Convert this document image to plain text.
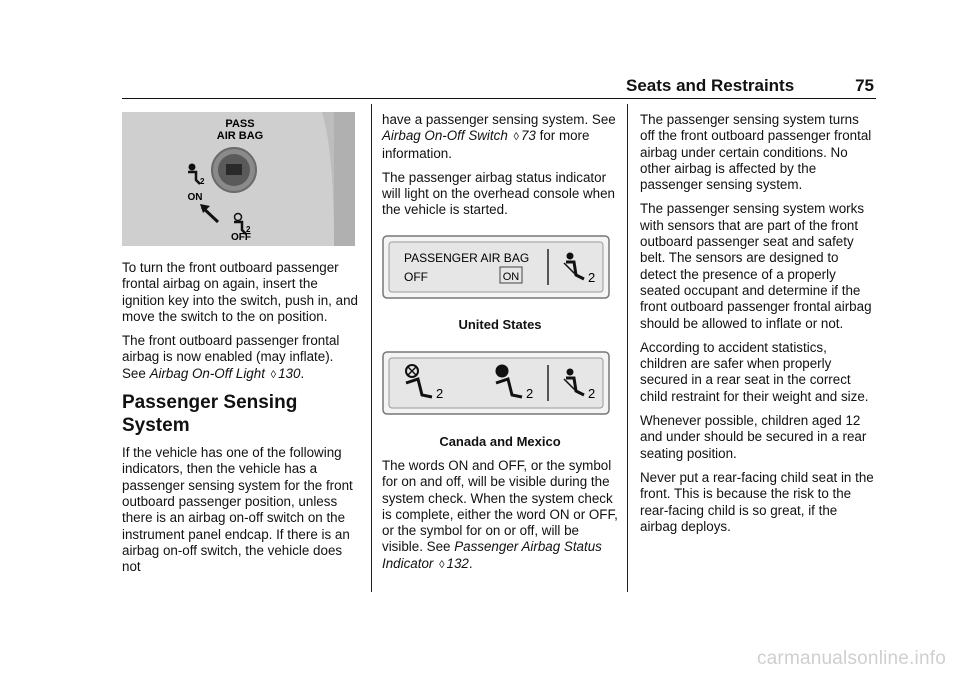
Seats and Restraints	75
PASS
AIR BAG
2
ON
2
OFF

To turn the front outboard passenger frontal airbag on again, insert the ignition key into the switch, push in, and move the switch to the on position.

The front outboard passenger frontal airbag is now enabled (may inflate). See Airbag On-Off Light ◊ 130.

Passenger Sensing
System

If the vehicle has one of the following indicators, then the vehicle has a passenger sensing system for the front outboard passenger position, unless there is an airbag on-off switch on the instrument panel endcap. If there is an airbag on-off switch, the vehicle does not

have a passenger sensing system. See Airbag On-Off Switch ◊ 73 for more information.

The passenger airbag status indicator will light on the overhead console when the vehicle is started.

PASSENGER AIR BAG
OFF	ON	2

United States

2	2	2

Canada and Mexico

The words ON and OFF, or the symbol for on and off, will be visible during the system check. When the system check is complete, either the word ON or OFF, or the symbol for on or off, will be visible. See Passenger Airbag Status Indicator ◊ 132.

The passenger sensing system turns off the front outboard passenger frontal airbag under certain conditions. No other airbag is affected by the passenger sensing system.

The passenger sensing system works with sensors that are part of the front outboard passenger seat and safety belt. The sensors are designed to detect the presence of a properly seated occupant and determine if the front outboard passenger frontal airbag should be allowed to inflate or not.

According to accident statistics, children are safer when properly secured in a rear seat in the correct child restraint for their weight and size.

Whenever possible, children aged 12 and under should be secured in a rear seating position.

Never put a rear-facing child seat in the front. This is because the risk to the rear-facing child is so great, if the airbag deploys.

carmanualsonline.info
